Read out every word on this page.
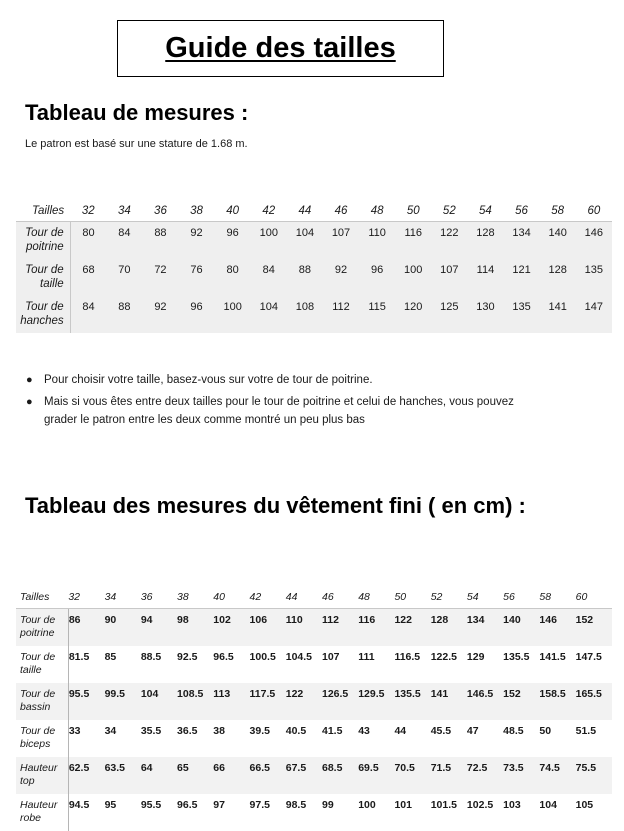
Guide des tailles
Tableau de mesures :
Le patron est basé sur une stature de 1.68 m.
Tailles	32	34	36	38	40	42	44	46	48	50	52	54	56	58	60
Tour de poitrine	80	84	88	92	96	100	104	107	110	116	122	128	134	140	146
Tour de taille	68	70	72	76	80	84	88	92	96	100	107	114	121	128	135
Tour de hanches	84	88	92	96	100	104	108	112	115	120	125	130	135	141	147
● Pour choisir votre taille, basez-vous sur votre de tour de poitrine.
● Mais si vous êtes entre deux tailles pour le tour de poitrine et celui de hanches, vous pouvez grader le patron entre les deux comme montré un peu plus bas
Tableau des mesures du vêtement fini ( en cm) :
Tailles	32	34	36	38	40	42	44	46	48	50	52	54	56	58	60
Tour de poitrine	86	90	94	98	102	106	110	112	116	122	128	134	140	146	152
Tour de taille	81.5	85	88.5	92.5	96.5	100.5	104.5	107	111	116.5	122.5	129	135.5	141.5	147.5
Tour de bassin	95.5	99.5	104	108.5	113	117.5	122	126.5	129.5	135.5	141	146.5	152	158.5	165.5
Tour de biceps	33	34	35.5	36.5	38	39.5	40.5	41.5	43	44	45.5	47	48.5	50	51.5
Hauteur top	62.5	63.5	64	65	66	66.5	67.5	68.5	69.5	70.5	71.5	72.5	73.5	74.5	75.5
Hauteur robe	94.5	95	95.5	96.5	97	97.5	98.5	99	100	101	101.5	102.5	103	104	105
